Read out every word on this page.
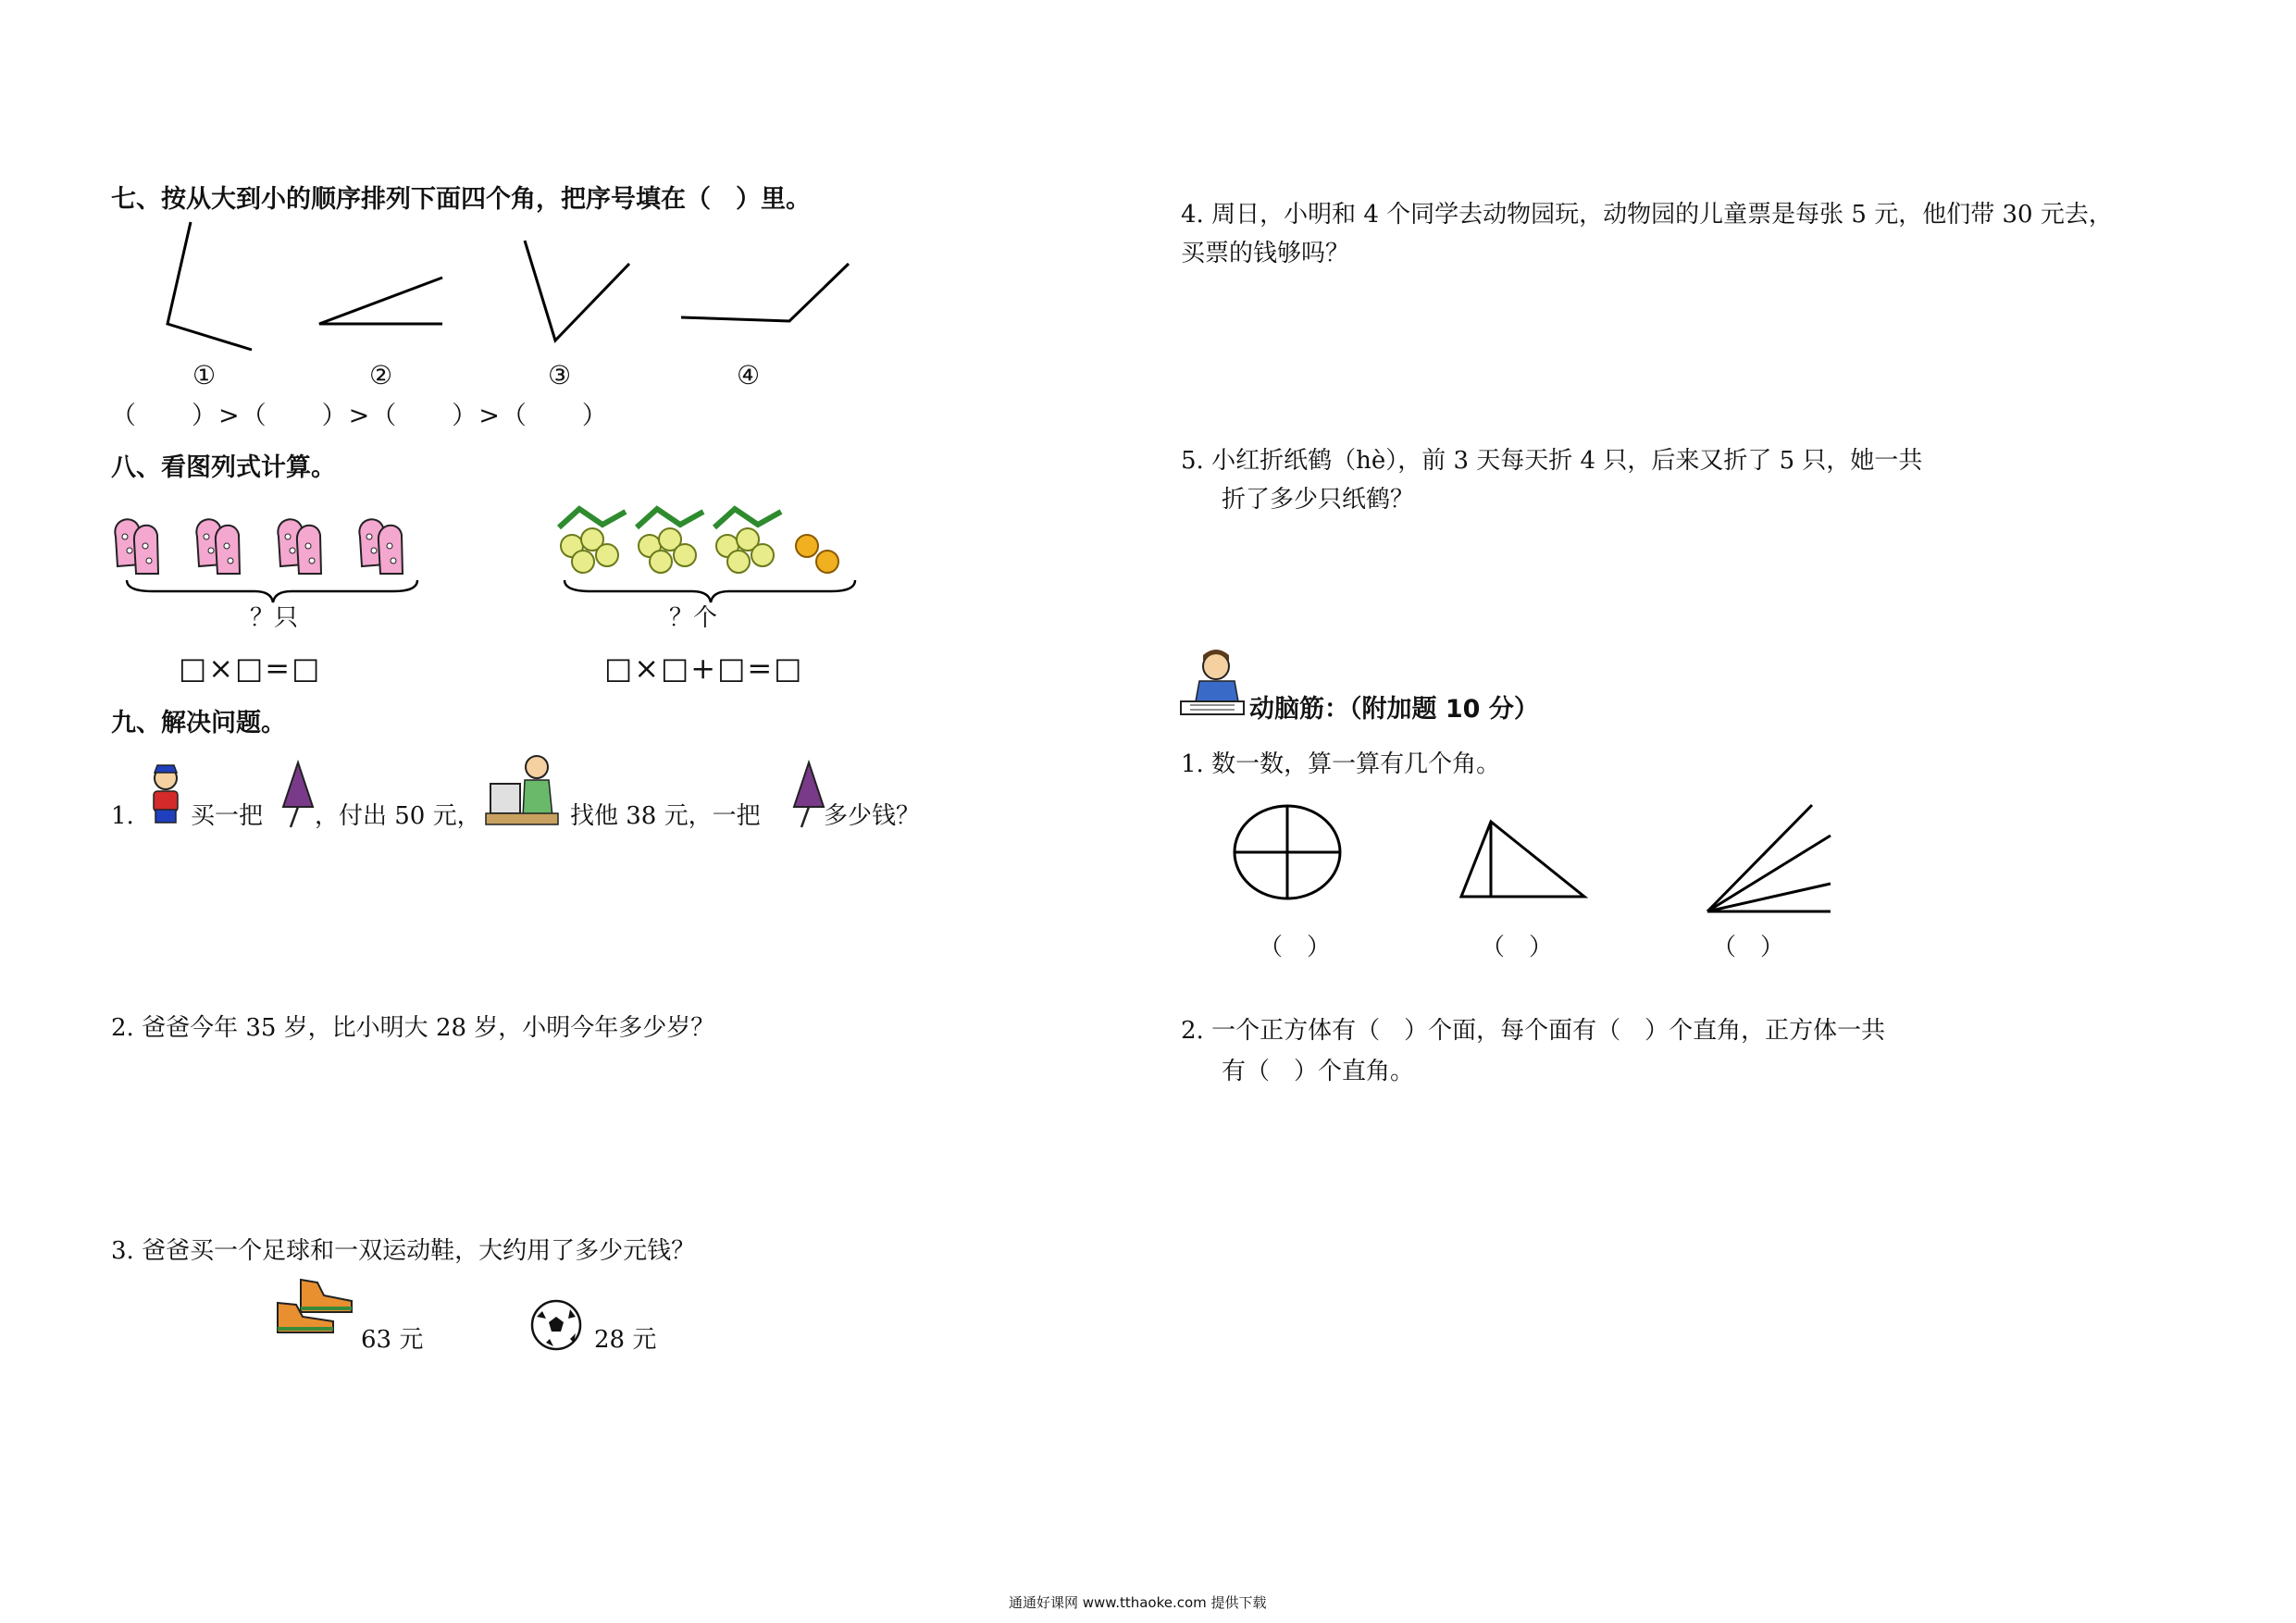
七、按从大到小的顺序排列下面四个角，把序号填在（　）里。
①	②	③	④
（　　）>（　　）>（　　）>（　　）
八、看图列式计算。
？只
□×□=□
？个
□×□+□=□
九、解决问题。
1. 买一把 ，付出 50 元，	找他 38 元，一把	多少钱？
2. 爸爸今年 35 岁，比小明大 28 岁，小明今年多少岁？
3. 爸爸买一个足球和一双运动鞋，大约用了多少元钱？
63 元	28 元
4. 周日，小明和 4 个同学去动物园玩，动物园的儿童票是每张 5 元，他们带 30 元去，
买票的钱够吗？
5. 小红折纸鹤（hè），前 3 天每天折 4 只，后来又折了 5 只，她一共
折了多少只纸鹤？
动脑筋：（附加题 10 分）
1. 数一数，算一算有几个角。
（　）	（　）	（　）
2. 一个正方体有（　）个面，每个面有（　）个直角，正方体一共
有（　）个直角。
通通好课网 www.tthaoke.com 提供下载
